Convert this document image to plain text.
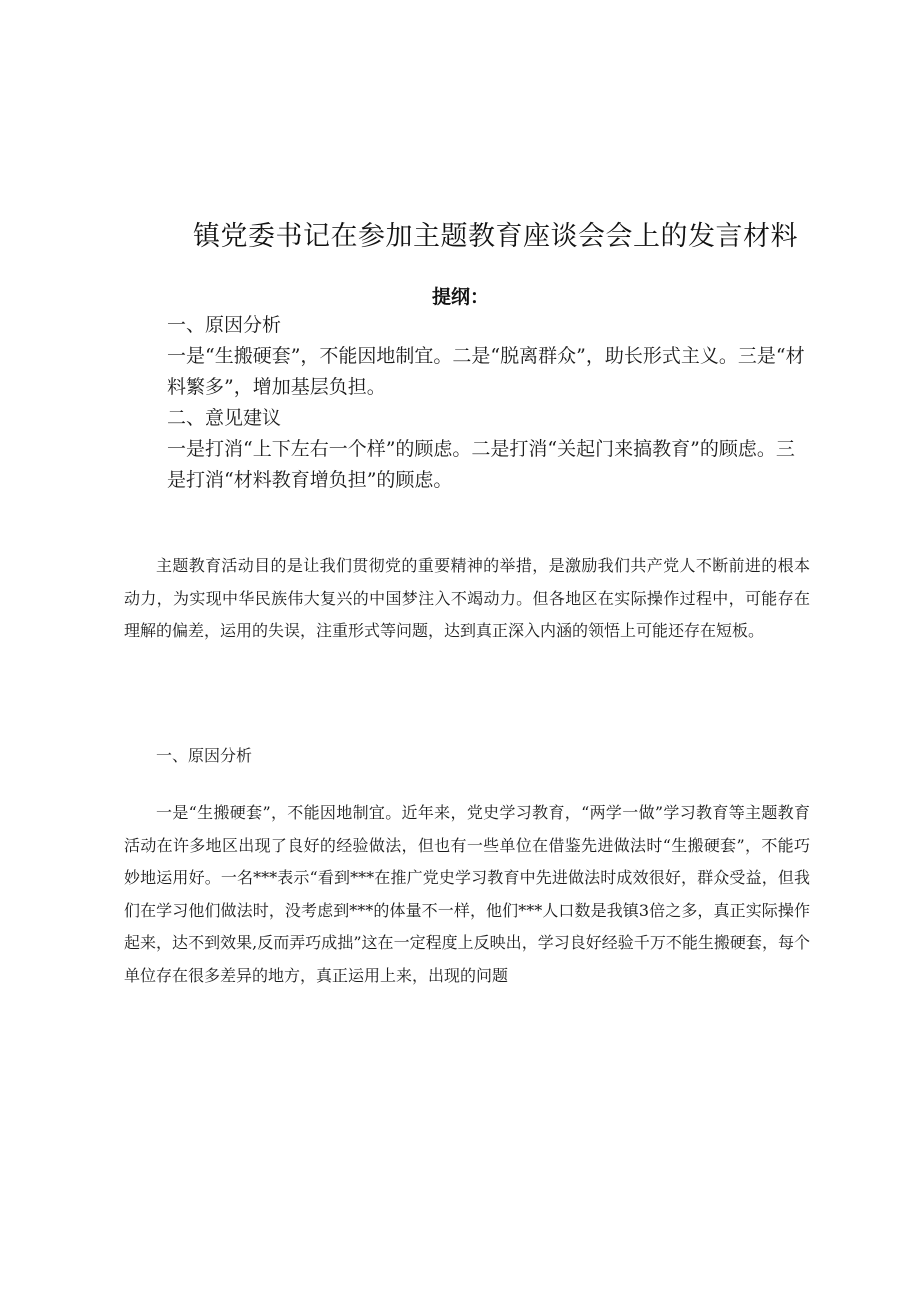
镇党委书记在参加主题教育座谈会会上的发言材料
提纲：

一、原因分析

一是“生搬硬套”，不能因地制宜。二是“脱离群众”，助长形式主义。三是“材料繁多”，增加基层负担。

二、意见建议

一是打消“上下左右一个样”的顾虑。二是打消“关起门来搞教育”的顾虑。三是打消“材料教育增负担”的顾虑。

主题教育活动目的是让我们贯彻党的重要精神的举措，是激励我们共产党人不断前进的根本动力，为实现中华民族伟大复兴的中国梦注入不竭动力。但各地区在实际操作过程中，可能存在理解的偏差，运用的失误，注重形式等问题，达到真正深入内涵的领悟上可能还存在短板。

一、原因分析

一是“生搬硬套”，不能因地制宜。近年来，党史学习教育，“两学一做”学习教育等主题教育活动在许多地区出现了良好的经验做法，但也有一些单位在借鉴先进做法时“生搬硬套”，不能巧妙地运用好。一名***表示“看到***在推广党史学习教育中先进做法时成效很好，群众受益，但我们在学习他们做法时，没考虑到***的体量不一样，他们***人口数是我镇3倍之多，真正实际操作起来，达不到效果,反而弄巧成拙”这在一定程度上反映出，学习良好经验千万不能生搬硬套，每个单位存在很多差异的地方，真正运用上来，出现的问题
